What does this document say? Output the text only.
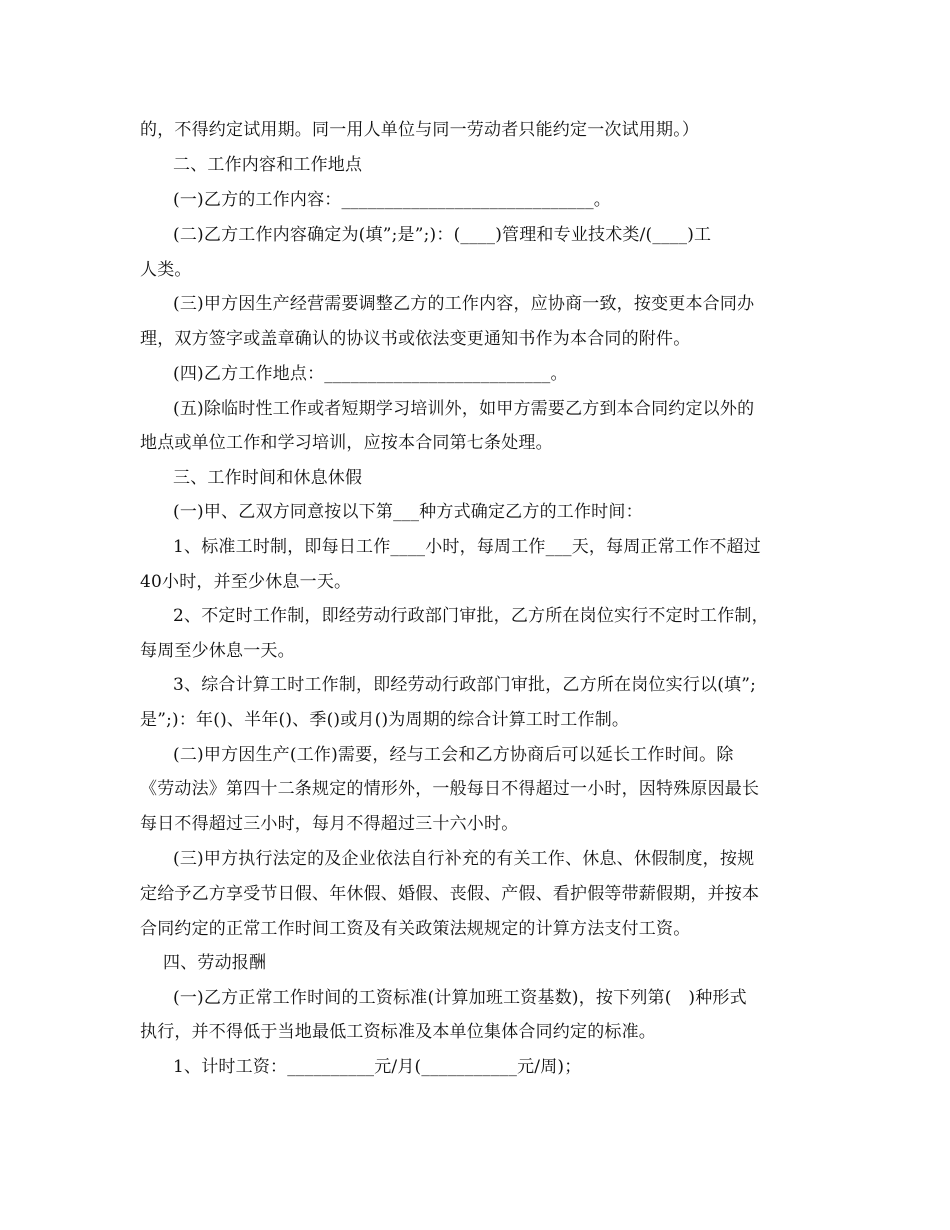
的，不得约定试用期。同一用人单位与同一劳动者只能约定一次试用期。）
二、工作内容和工作地点
(一)乙方的工作内容：_____________________________。
(二)乙方工作内容确定为(填”;是”;)：(____)管理和专业技术类/(____)工
人类。
(三)甲方因生产经营需要调整乙方的工作内容，应协商一致，按变更本合同办
理，双方签字或盖章确认的协议书或依法变更通知书作为本合同的附件。
(四)乙方工作地点：__________________________。
(五)除临时性工作或者短期学习培训外，如甲方需要乙方到本合同约定以外的
地点或单位工作和学习培训，应按本合同第七条处理。
三、工作时间和休息休假
(一)甲、乙双方同意按以下第___种方式确定乙方的工作时间：
1、标准工时制，即每日工作____小时，每周工作___天，每周正常工作不超过
40小时，并至少休息一天。
2、不定时工作制，即经劳动行政部门审批，乙方所在岗位实行不定时工作制，
每周至少休息一天。
3、综合计算工时工作制，即经劳动行政部门审批，乙方所在岗位实行以(填”;
是”;)：年()、半年()、季()或月()为周期的综合计算工时工作制。
(二)甲方因生产(工作)需要，经与工会和乙方协商后可以延长工作时间。除
《劳动法》第四十二条规定的情形外，一般每日不得超过一小时，因特殊原因最长
每日不得超过三小时，每月不得超过三十六小时。
(三)甲方执行法定的及企业依法自行补充的有关工作、休息、休假制度，按规
定给予乙方享受节日假、年休假、婚假、丧假、产假、看护假等带薪假期，并按本
合同约定的正常工作时间工资及有关政策法规规定的计算方法支付工资。
四、劳动报酬
(一)乙方正常工作时间的工资标准(计算加班工资基数)，按下列第(   )种形式
执行，并不得低于当地最低工资标准及本单位集体合同约定的标准。
1、计时工资：__________元/月(___________元/周)；
